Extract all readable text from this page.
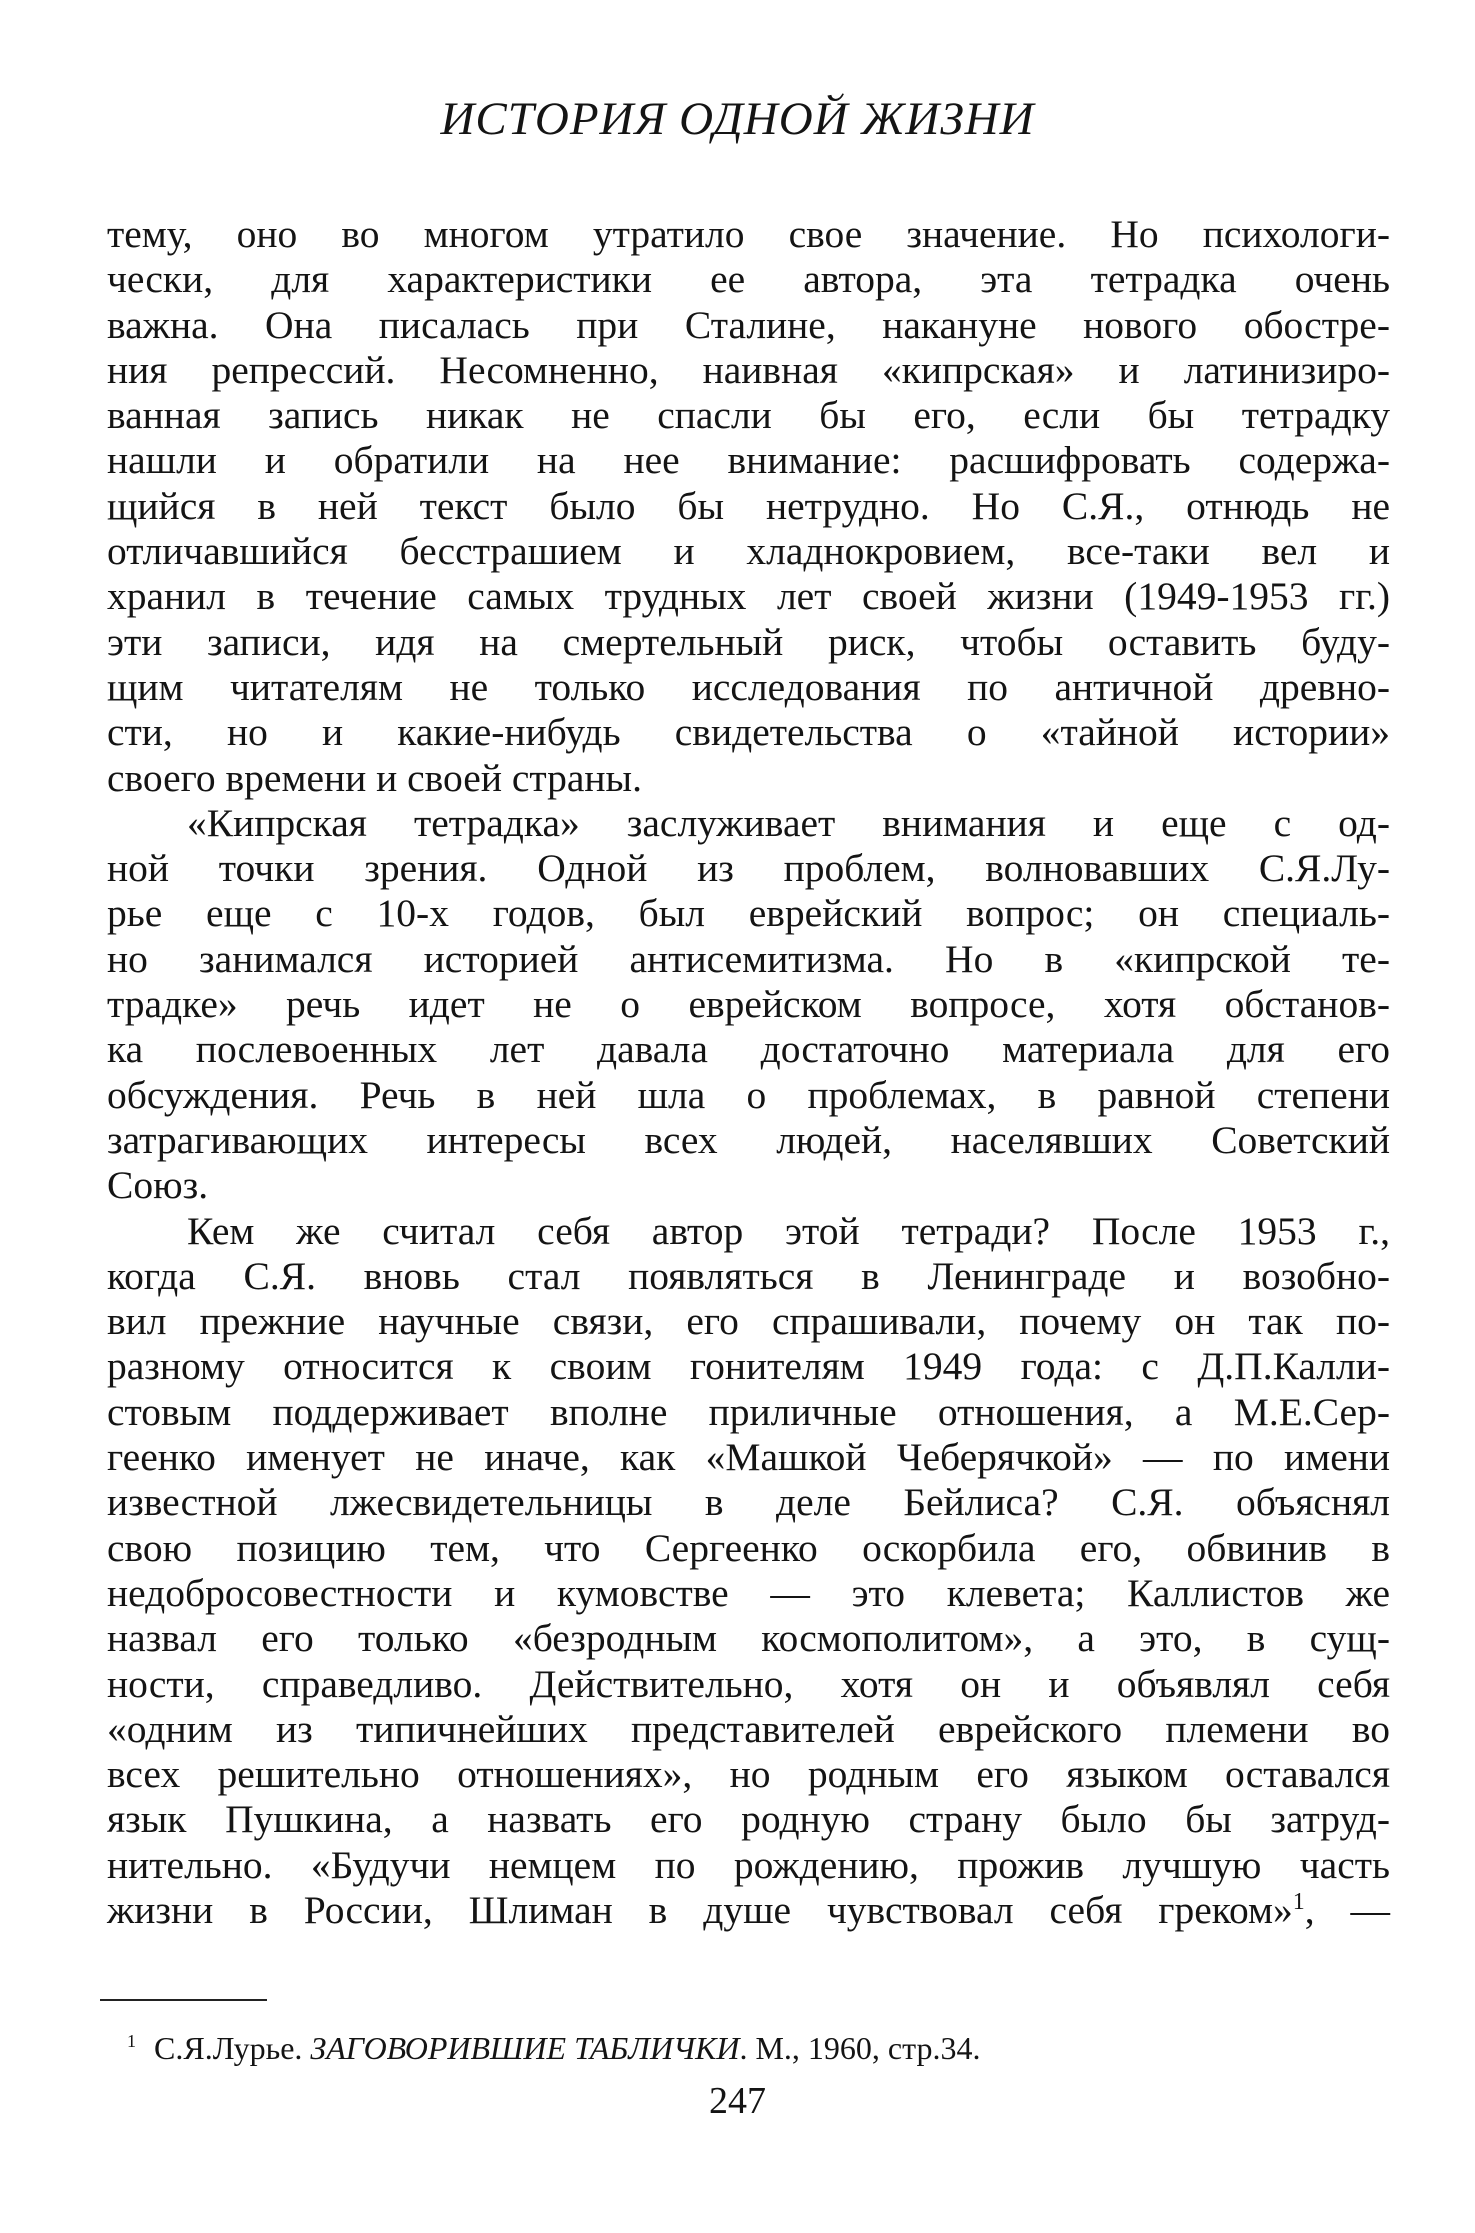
ИСТОРИЯ ОДНОЙ ЖИЗНИ
тему, оно во многом утратило свое значение. Но психологи-
чески, для характеристики ее автора, эта тетрадка очень
важна. Она писалась при Сталине, накануне нового обостре-
ния репрессий. Несомненно, наивная «кипрская» и латинизиро-
ванная запись никак не спасли бы его, если бы тетрадку
нашли и обратили на нее внимание: расшифровать содержа-
щийся в ней текст было бы нетрудно. Но С.Я., отнюдь не
отличавшийся бесстрашием и хладнокровием, все-таки вел и
хранил в течение самых трудных лет своей жизни (1949-1953 гг.)
эти записи, идя на смертельный риск, чтобы оставить буду-
щим читателям не только исследования по античной древно-
сти, но и какие-нибудь свидетельства о «тайной истории»
своего времени и своей страны.
«Кипрская тетрадка» заслуживает внимания и еще с од-
ной точки зрения. Одной из проблем, волновавших С.Я.Лу-
рье еще с 10-х годов, был еврейский вопрос; он специаль-
но занимался историей антисемитизма. Но в «кипрской те-
традке» речь идет не о еврейском вопросе, хотя обстанов-
ка послевоенных лет давала достаточно материала для его
обсуждения. Речь в ней шла о проблемах, в равной степени
затрагивающих интересы всех людей, населявших Советский
Союз.
Кем же считал себя автор этой тетради? После 1953 г.,
когда С.Я. вновь стал появляться в Ленинграде и возобно-
вил прежние научные связи, его спрашивали, почему он так по-
разному относится к своим гонителям 1949 года: с Д.П.Калли-
стовым поддерживает вполне приличные отношения, а М.Е.Сер-
геенко именует не иначе, как «Машкой Чеберячкой» — по имени
известной лжесвидетельницы в деле Бейлиса? С.Я. объяснял
свою позицию тем, что Сергеенко оскорбила его, обвинив в
недобросовестности и кумовстве — это клевета; Каллистов же
назвал его только «безродным космополитом», а это, в сущ-
ности, справедливо. Действительно, хотя он и объявлял себя
«одним из типичнейших представителей еврейского племени во
всех решительно отношениях», но родным его языком оставался
язык Пушкина, а назвать его родную страну было бы затруд-
нительно. «Будучи немцем по рождению, прожив лучшую часть
жизни в России, Шлиман в душе чувствовал себя греком»$^1$, —
$^1$ С.Я.Лурье. ЗАГОВОРИВШИЕ ТАБЛИЧКИ. М., 1960, стр.34.
247
